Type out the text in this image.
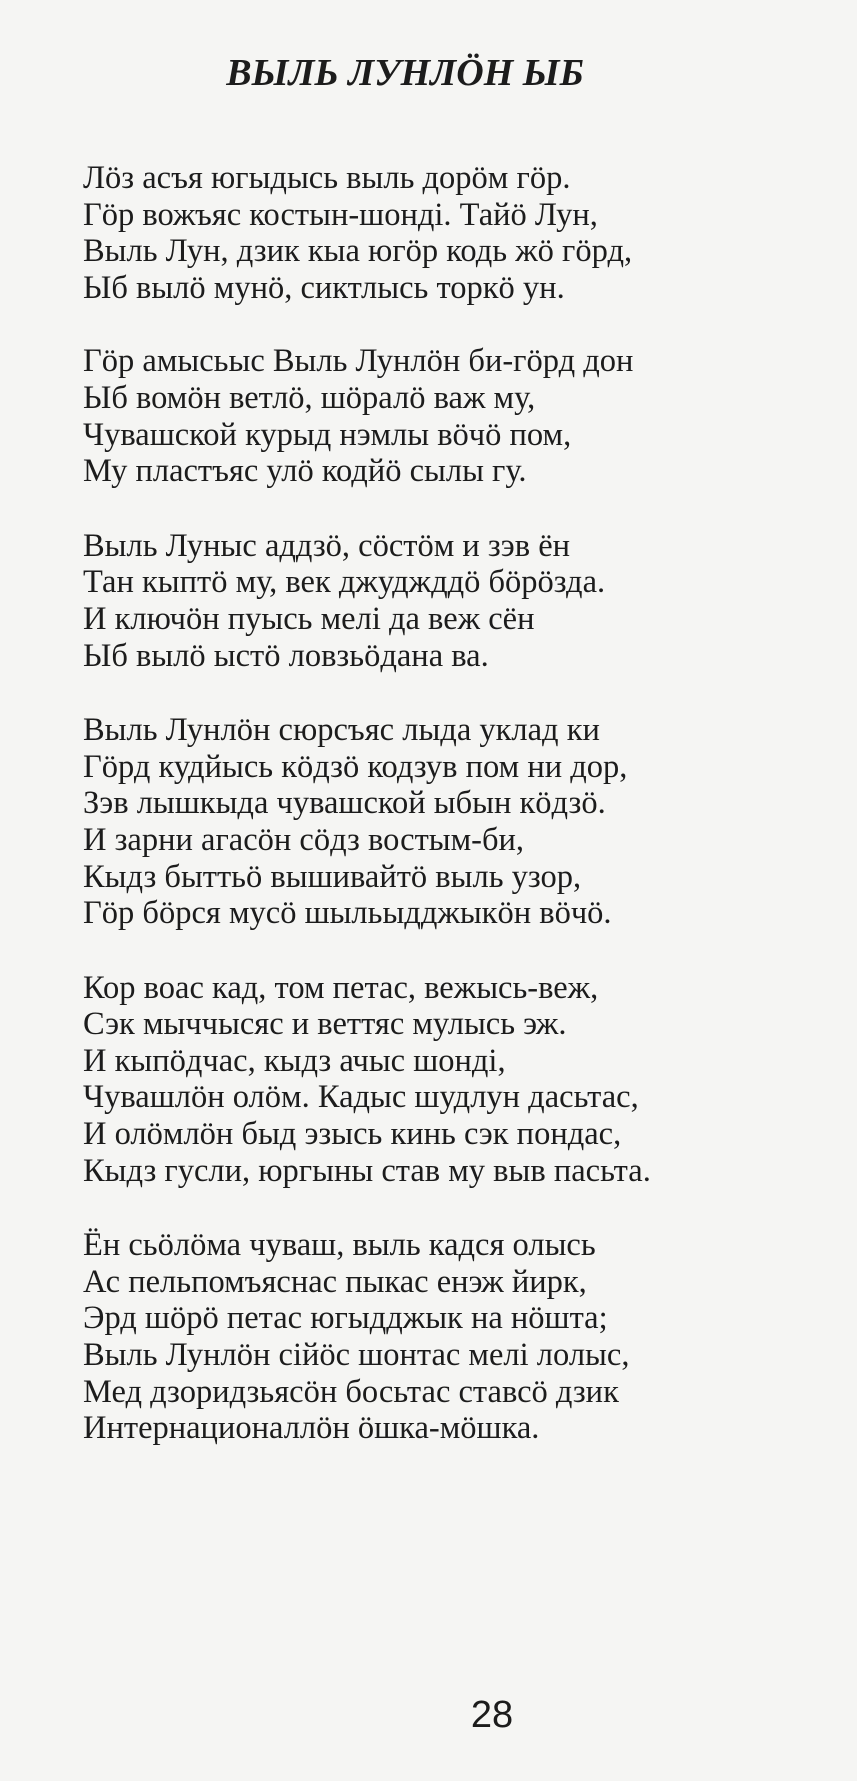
ВЫЛЬ ЛУНЛÖН ЫБ
Лöз асъя югыдысь выль дорöм гöр.
Гöр вожъяс костын-шонді. Тайö Лун,
Выль Лун, дзик кыа югöр кодь жö гöрд,
Ыб вылö мунö, сиктлысь торкö ун.
Гöр амысьыс Выль Лунлöн би-гöрд дон
Ыб вомöн ветлö, шöралö важ му,
Чувашской курыд нэмлы вöчö пом,
Му пластъяс улö кодйö сылы гу.
Выль Луныс аддзö, сöстöм и зэв ён
Тан кыптö му, век джуджддö бöрöзда.
И ключöн пуысь мелі да веж сён
Ыб вылö ыстö ловзьöдана ва.
Выль Лунлöн сюрсъяс лыда уклад ки
Гöрд кудйысь кöдзö кодзув пом ни дор,
Зэв лышкыда чувашской ыбын кöдзö.
И зарни агасöн сöдз востым-би,
Кыдз быттьö вышивайтö выль узор,
Гöр бöрся мусö шыльыдджыкöн вöчö.
Кор воас кад, том петас, вежысь-веж,
Сэк мыччысяс и веттяс мулысь эж.
И кыпöдчас, кыдз ачыс шонді,
Чувашлöн олöм. Кадыс шудлун дасьтас,
И олöмлöн быд эзысь кинь сэк пондас,
Кыдз гусли, юргыны став му выв пасьта.
Ëн сьöлöма чуваш, выль кадся олысь
Ас пельпомъяснас пыкас енэж йирк,
Эрд шöрö петас югыдджык на нöшта;
Выль Лунлöн сійöс шонтас мелі лолыс,
Мед дзоридзьясöн босьтас ставсö дзик
Интернационаллöн öшка-мöшка.
28
